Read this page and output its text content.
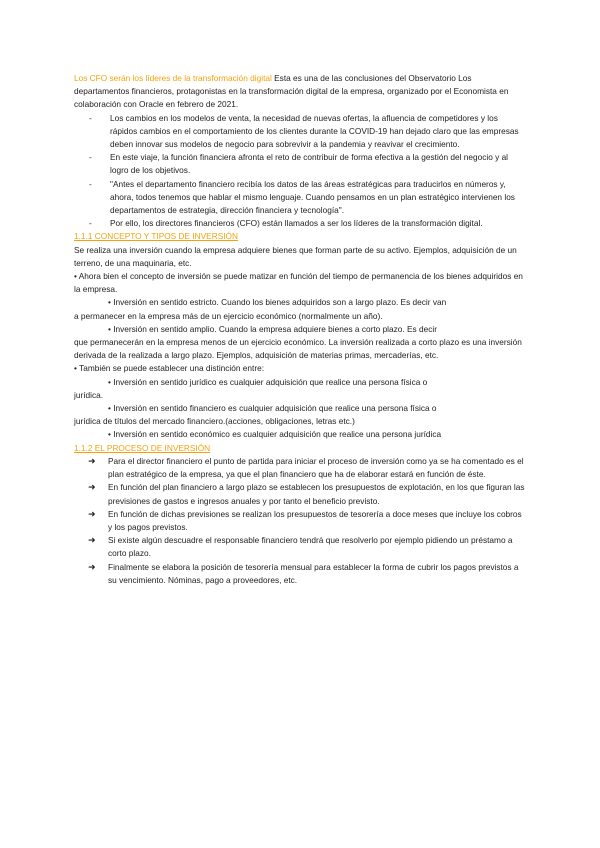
Los CFO serán los líderes de la transformación digital Esta es una de las conclusiones del Observatorio Los departamentos financieros, protagonistas en la transformación digital de la empresa, organizado por el Economista en colaboración con Oracle en febrero de 2021.

- Los cambios en los modelos de venta, la necesidad de nuevas ofertas, la afluencia de competidores y los rápidos cambios en el comportamiento de los clientes durante la COVID-19 han dejado claro que las empresas deben innovar sus modelos de negocio para sobrevivir a la pandemia y reavivar el crecimiento.
- En este viaje, la función financiera afronta el reto de contribuir de forma efectiva a la gestión del negocio y al logro de los objetivos.
- "Antes el departamento financiero recibía los datos de las áreas estratégicas para traducirlos en números y, ahora, todos tenemos que hablar el mismo lenguaje. Cuando pensamos en un plan estratégico intervienen los departamentos de estrategia, dirección financiera y tecnología".
- Por ello, los directores financieros (CFO) están llamados a ser los líderes de la transformación digital.

1.1.1 CONCEPTO Y TIPOS DE INVERSIÓN

Se realiza una inversión cuando la empresa adquiere bienes que forman parte de su activo. Ejemplos, adquisición de un terreno, de una maquinaria, etc.

• Ahora bien el concepto de inversión se puede matizar en función del tiempo de permanencia de los bienes adquiridos en la empresa.

• Inversión en sentido estricto. Cuando los bienes adquiridos son a largo plazo. Es decir van

a permanecer en la empresa más de un ejercicio económico (normalmente un año).

• Inversión en sentido amplio. Cuando la empresa adquiere bienes a corto plazo. Es decir

que permanecerán en la empresa menos de un ejercicio económico. La inversión realizada a corto plazo es una inversión derivada de la realizada a largo plazo. Ejemplos, adquisición de materias primas, mercaderías, etc.

• También se puede establecer una distinción entre:

• Inversión en sentido jurídico es cualquier adquisición que realice una persona física o

jurídica.

• Inversión en sentido financiero es cualquier adquisición que realice una persona física o

jurídica de títulos del mercado financiero.(acciones, obligaciones, letras etc.)

• Inversión en sentido económico es cualquier adquisición que realice una persona jurídica

1.1.2 EL PROCESO DE INVERSIÓN

➜ Para el director financiero el punto de partida para iniciar el proceso de inversión como ya se ha comentado es el plan estratégico de la empresa, ya que el plan financiero que ha de elaborar estará en función de éste.
➜ En función del plan financiero a largo plazo se establecen los presupuestos de explotación, en los que figuran las previsiones de gastos e ingresos anuales y por tanto el beneficio previsto.
➜ En función de dichas previsiones se realizan los presupuestos de tesorería a doce meses que incluye los cobros y los pagos previstos.
➜ Si existe algún descuadre el responsable financiero tendrá que resolverlo por ejemplo pidiendo un préstamo a corto plazo.
➜ Finalmente se elabora la posición de tesorería mensual para establecer la forma de cubrir los pagos previstos a su vencimiento. Nóminas, pago a proveedores, etc.
